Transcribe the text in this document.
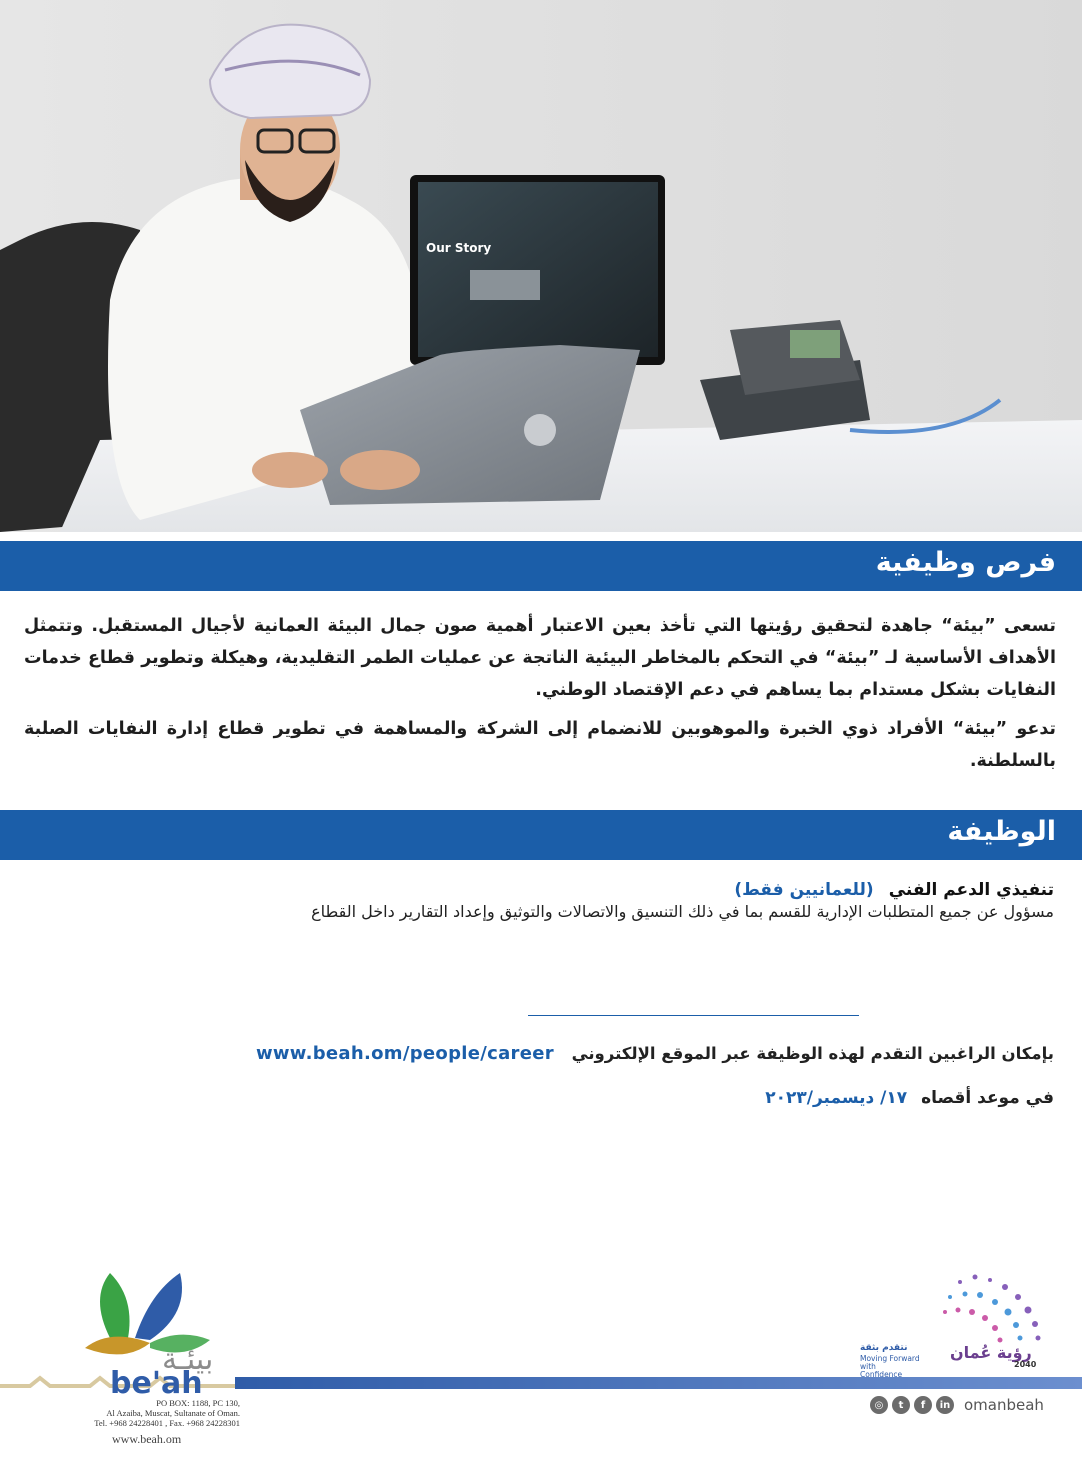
Our Story
فرص وظيفية
تسعى ”بيئة“ جاهدة لتحقيق رؤيتها التي تأخذ بعين الاعتبار أهمية صون جمال البيئة العمانية لأجيال المستقبل. وتتمثل الأهداف الأساسية لـ ”بيئة“ في التحكم بالمخاطر البيئية الناتجة عن عمليات الطمر التقليدية، وهيكلة وتطوير قطاع خدمات النفايات بشكل مستدام بما يساهم في دعم الإقتصاد الوطني.
تدعو ”بيئة“ الأفراد ذوي الخبرة والموهوبين للانضمام إلى الشركة والمساهمة في تطوير قطاع إدارة النفايات الصلبة بالسلطنة.
الوظيفة
تنفيذي الدعم الفني (للعمانيين فقط)
مسؤول عن جميع المتطلبات الإدارية للقسم بما في ذلك التنسيق والاتصالات والتوثيق وإعداد التقارير داخل القطاع
بإمكان الراغبين التقدم لهذه الوظيفة عبر الموقع الإلكتروني www.beah.om/people/career
في موعد أقصاه ١٧/ ديسمبر/٢٠٢٣
بيئـة
be'ah
PO BOX: 1188, PC 130,
Al Azaiba, Muscat, Sultanate of Oman.
Tel. +968 24228401 , Fax. +968 24228301
www.beah.om
رؤية عُمان
2040
نتقدم بثقة
Moving Forward with Confidence
◎	t	f	in omanbeah
